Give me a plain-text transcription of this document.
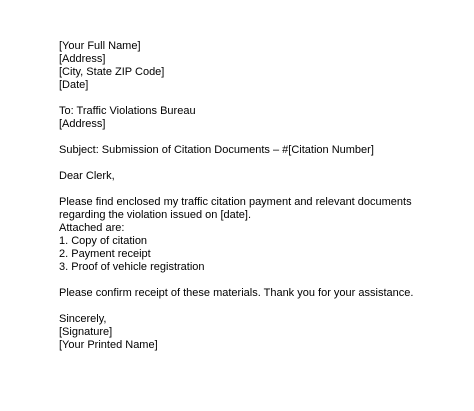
[Your Full Name]
[Address]
[City, State ZIP Code]
[Date]
To: Traffic Violations Bureau
[Address]
Subject: Submission of Citation Documents – #[Citation Number]
Dear Clerk,
Please find enclosed my traffic citation payment and relevant documents
regarding the violation issued on [date].
Attached are:
1. Copy of citation
2. Payment receipt
3. Proof of vehicle registration
Please confirm receipt of these materials. Thank you for your assistance.
Sincerely,
[Signature]
[Your Printed Name]
